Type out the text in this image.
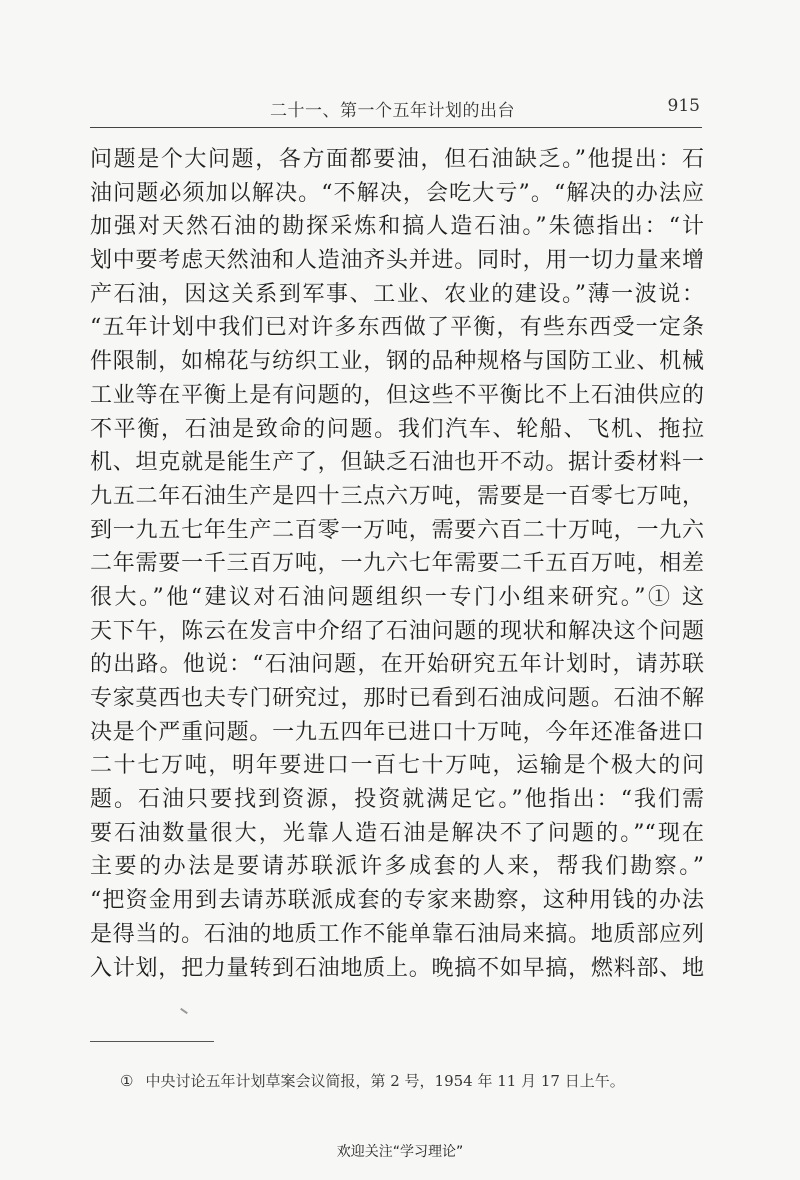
二十一、第一个五年计划的出台	915
问题是个大问题，各方面都要油，但石油缺乏。”他提出：石
油问题必须加以解决。“不解决，会吃大亏”。“解决的办法应
加强对天然石油的勘探采炼和搞人造石油。”朱德指出：“计
划中要考虑天然油和人造油齐头并进。同时，用一切力量来增
产石油，因这关系到军事、工业、农业的建设。”薄一波说：
“五年计划中我们已对许多东西做了平衡，有些东西受一定条
件限制，如棉花与纺织工业，钢的品种规格与国防工业、机械
工业等在平衡上是有问题的，但这些不平衡比不上石油供应的
不平衡，石油是致命的问题。我们汽车、轮船、飞机、拖拉
机、坦克就是能生产了，但缺乏石油也开不动。据计委材料一
九五二年石油生产是四十三点六万吨，需要是一百零七万吨，
到一九五七年生产二百零一万吨，需要六百二十万吨，一九六
二年需要一千三百万吨，一九六七年需要二千五百万吨，相差
很大。”他“建议对石油问题组织一专门小组来研究。”① 这
天下午，陈云在发言中介绍了石油问题的现状和解决这个问题
的出路。他说：“石油问题，在开始研究五年计划时，请苏联
专家莫西也夫专门研究过，那时已看到石油成问题。石油不解
决是个严重问题。一九五四年已进口十万吨，今年还准备进口
二十七万吨，明年要进口一百七十万吨，运输是个极大的问
题。石油只要找到资源，投资就满足它。”他指出：“我们需
要石油数量很大，光靠人造石油是解决不了问题的。”“现在
主要的办法是要请苏联派许多成套的人来，帮我们勘察。”
“把资金用到去请苏联派成套的专家来勘察，这种用钱的办法
是得当的。石油的地质工作不能单靠石油局来搞。地质部应列
入计划，把力量转到石油地质上。晚搞不如早搞，燃料部、地
① 中央讨论五年计划草案会议简报，第 2 号，1954 年 11 月 17 日上午。
欢迎关注“学习理论”
